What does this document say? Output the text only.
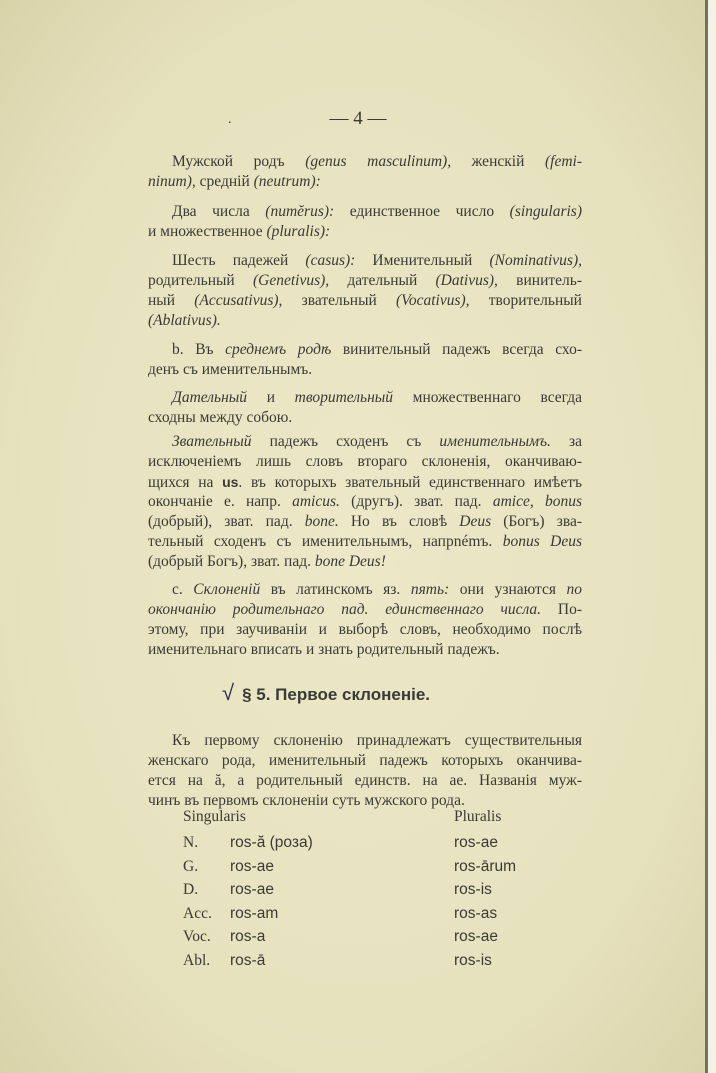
.	— 4 —
Мужской родъ (genus masculinum), женскій (femi-
ninum), средній (neutrum):
Два числа (numĕrus): единственное число (singularis)
и множественное (pluralis):
Шесть падежей (casus): Именительный (Nominativus),
родительный (Genetivus), дательный (Dativus), винитель-
ный (Accusativus), звательный (Vocativus), творительный
(Ablativus).
b. Въ среднемъ родѣ винительный падежъ всегда схо-
денъ съ именительнымъ.
Дательный и творительный множественнаго всегда
сходны между собою.
Звательный падежъ сходенъ съ именительнымъ. за
исключеніемъ лишь словъ втораго склоненія, оканчиваю-
щихся на us. въ которыхъ звательный единственнаго имѣетъ
окончаніе e. напр. amicus. (другъ). зват. пад. amice, bonus
(добрый), зват. пад. bone. Но въ словѣ Deus (Богъ) зва-
тельный сходенъ съ именительнымъ, напрnémъ. bonus Deus
(добрый Богъ), зват. пад. bone Deus!
c. Склоненій въ латинскомъ яз. пять: они узнаются по
окончанію родительнаго пад. единственнаго числа. По-
этому, при заучиваніи и выборѣ словъ, необходимо послѣ
именительнаго вписать и знать родительный падежъ.
√ § 5. Первое склоненіе.
Къ первому склоненію принадлежатъ существительныя
женскаго рода, именительный падежъ которыхъ оканчива-
ется на ă, а родительный единств. на ae. Названія муж-
чинъ въ первомъ склоненіи суть мужского рода.
Singularis	Pluralis
N. ros-ă (роза)	ros-ae
G. ros-ae	ros-ārum
D. ros-ae	ros-is
Acc. ros-am	ros-as
Voc. ros-a	ros-ae
Abl. ros-ā	ros-is
